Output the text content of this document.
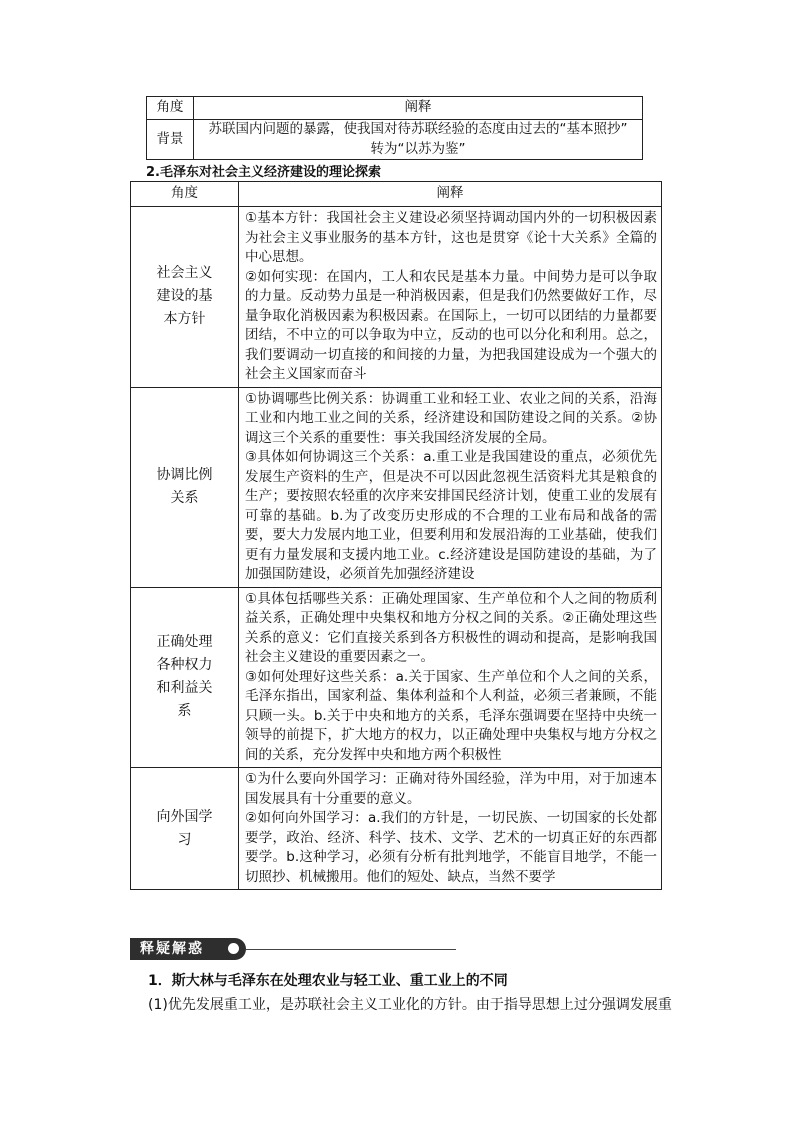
角度	阐释
背景	苏联国内问题的暴露，使我国对待苏联经验的态度由过去的“基本照抄”
转为“以苏为鉴”
2.毛泽东对社会主义经济建设的理论探索
角度	阐释
社会主义建设的基本方针	①基本方针：我国社会主义建设必须坚持调动国内外的一切积极因素为社会主义事业服务的基本方针，这也是贯穿《论十大关系》全篇的中心思想。
②如何实现：在国内，工人和农民是基本力量。中间势力是可以争取的力量。反动势力虽是一种消极因素，但是我们仍然要做好工作，尽量争取化消极因素为积极因素。在国际上，一切可以团结的力量都要团结，不中立的可以争取为中立，反动的也可以分化和利用。总之，我们要调动一切直接的和间接的力量，为把我国建设成为一个强大的社会主义国家而奋斗

协调比例关系	①协调哪些比例关系：协调重工业和轻工业、农业之间的关系，沿海工业和内地工业之间的关系，经济建设和国防建设之间的关系。②协调这三个关系的重要性：事关我国经济发展的全局。
③具体如何协调这三个关系：a.重工业是我国建设的重点，必须优先发展生产资料的生产，但是决不可以因此忽视生活资料尤其是粮食的生产；要按照农轻重的次序来安排国民经济计划，使重工业的发展有可靠的基础。b.为了改变历史形成的不合理的工业布局和战备的需要，要大力发展内地工业，但要利用和发展沿海的工业基础，使我们更有力量发展和支援内地工业。c.经济建设是国防建设的基础，为了加强国防建设，必须首先加强经济建设

正确处理各种权力和利益关系	①具体包括哪些关系：正确处理国家、生产单位和个人之间的物质利益关系，正确处理中央集权和地方分权之间的关系。②正确处理这些关系的意义：它们直接关系到各方积极性的调动和提高，是影响我国社会主义建设的重要因素之一。
③如何处理好这些关系：a.关于国家、生产单位和个人之间的关系，毛泽东指出，国家利益、集体利益和个人利益，必须三者兼顾，不能只顾一头。b.关于中央和地方的关系，毛泽东强调要在坚持中央统一领导的前提下，扩大地方的权力，以正确处理中央集权与地方分权之间的关系，充分发挥中央和地方两个积极性

向外国学习	①为什么要向外国学习：正确对待外国经验，洋为中用，对于加速本国发展具有十分重要的意义。
②如何向外国学习：a.我们的方针是，一切民族、一切国家的长处都要学，政治、经济、科学、技术、文学、艺术的一切真正好的东西都要学。b.这种学习，必须有分析有批判地学，不能盲目地学，不能一切照抄、机械搬用。他们的短处、缺点，当然不要学
释疑解惑
1．斯大林与毛泽东在处理农业与轻工业、重工业上的不同
(1)优先发展重工业，是苏联社会主义工业化的方针。由于指导思想上过分强调发展重
